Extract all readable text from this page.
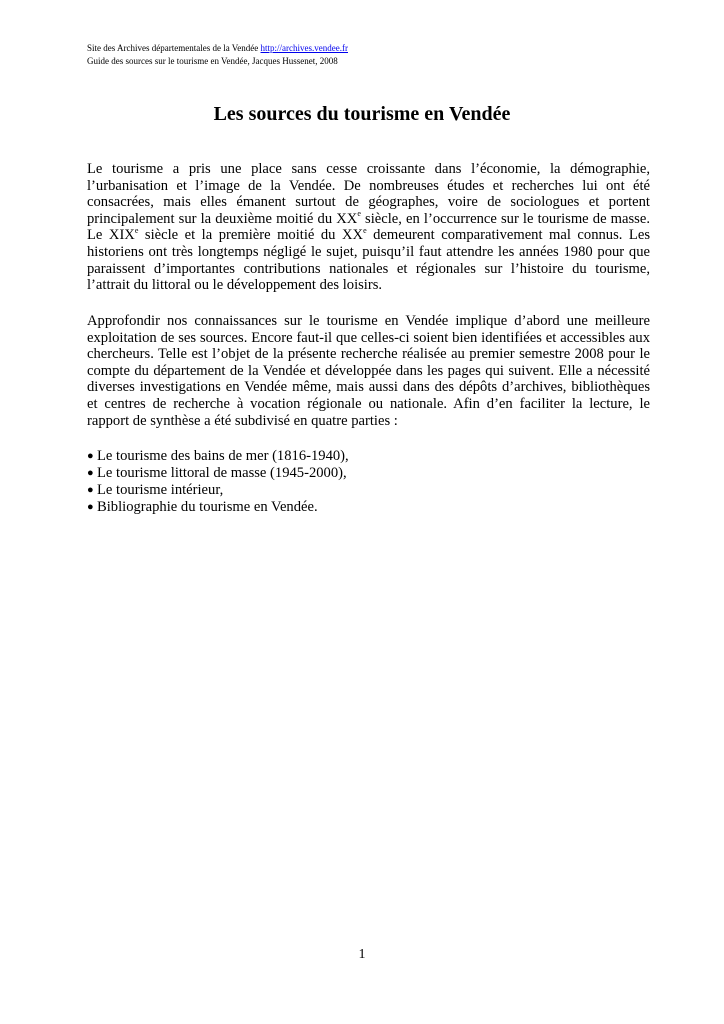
Site des Archives départementales de la Vendée http://archives.vendee.fr
Guide des sources sur le tourisme en Vendée, Jacques Hussenet, 2008
Les sources du tourisme en Vendée

Le tourisme a pris une place sans cesse croissante dans l’économie, la démographie, l’urbanisation et l’image de la Vendée. De nombreuses études et recherches lui ont été consacrées, mais elles émanent surtout de géographes, voire de sociologues et portent principalement sur la deuxième moitié du XXe siècle, en l’occurrence sur le tourisme de masse. Le XIXe siècle et la première moitié du XXe demeurent comparativement mal connus. Les historiens ont très longtemps négligé le sujet, puisqu’il faut attendre les années 1980 pour que paraissent d’importantes contributions nationales et régionales sur l’histoire du tourisme, l’attrait du littoral ou le développement des loisirs.

Approfondir nos connaissances sur le tourisme en Vendée implique d’abord une meilleure exploitation de ses sources. Encore faut-il que celles-ci soient bien identifiées et accessibles aux chercheurs. Telle est l’objet de la présente recherche réalisée au premier semestre 2008 pour le compte du département de la Vendée et développée dans les pages qui suivent. Elle a nécessité diverses investigations en Vendée même, mais aussi dans des dépôts d’archives, bibliothèques et centres de recherche à vocation régionale ou nationale. Afin d’en faciliter la lecture, le rapport de synthèse a été subdivisé en quatre parties :

● Le tourisme des bains de mer (1816-1940),
● Le tourisme littoral de masse (1945-2000),
● Le tourisme intérieur,
● Bibliographie du tourisme en Vendée.
1
